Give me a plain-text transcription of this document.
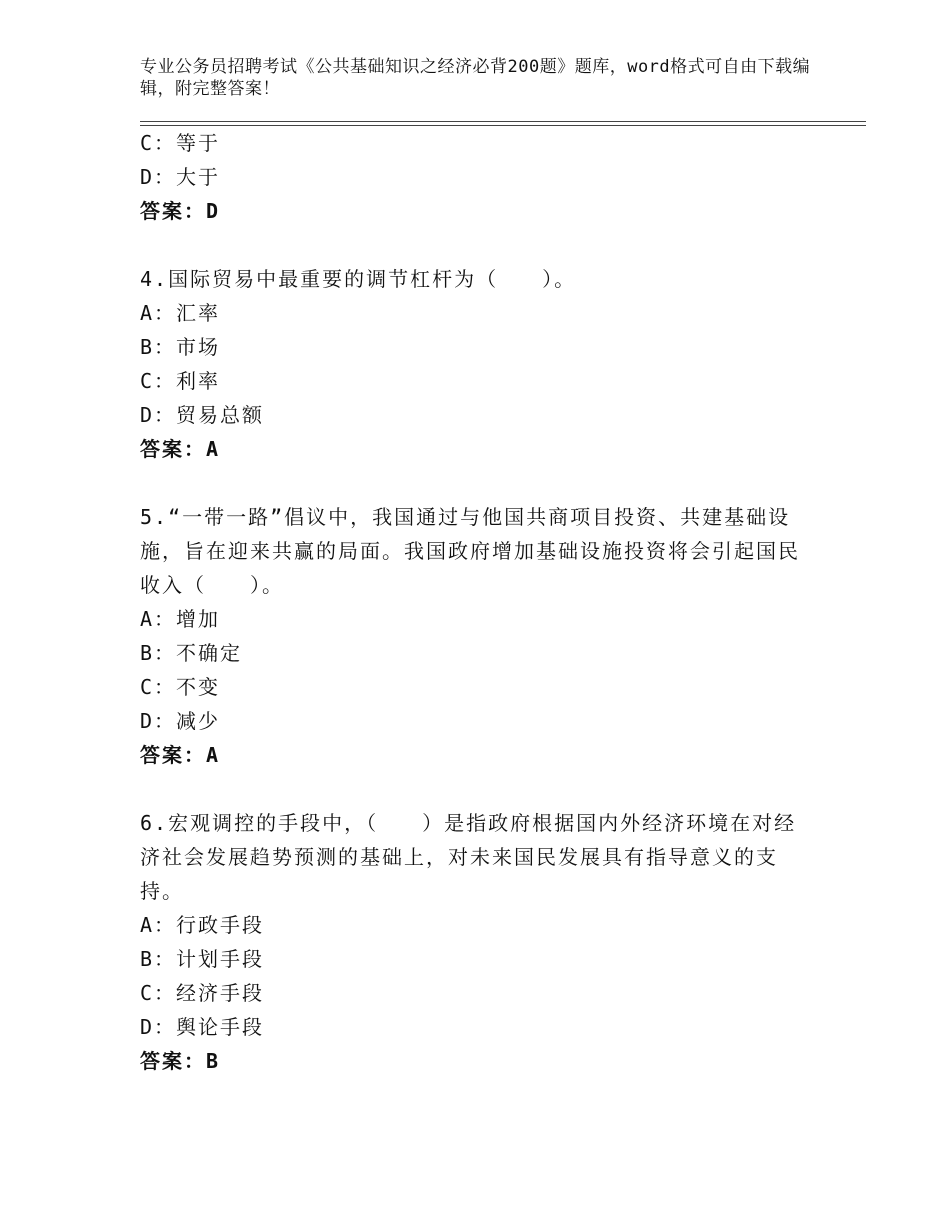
专业公务员招聘考试《公共基础知识之经济必背200题》题库，word格式可自由下载编辑，附完整答案！
C：等于
D：大于
答案：D
4.国际贸易中最重要的调节杠杆为（　　）。
A：汇率
B：市场
C：利率
D：贸易总额
答案：A
5.“一带一路”倡议中，我国通过与他国共商项目投资、共建基础设施，旨在迎来共赢的局面。我国政府增加基础设施投资将会引起国民收入（　　）。
A：增加
B：不确定
C：不变
D：减少
答案：A
6.宏观调控的手段中，（　　）是指政府根据国内外经济环境在对经济社会发展趋势预测的基础上，对未来国民发展具有指导意义的支持。
A：行政手段
B：计划手段
C：经济手段
D：舆论手段
答案：B
